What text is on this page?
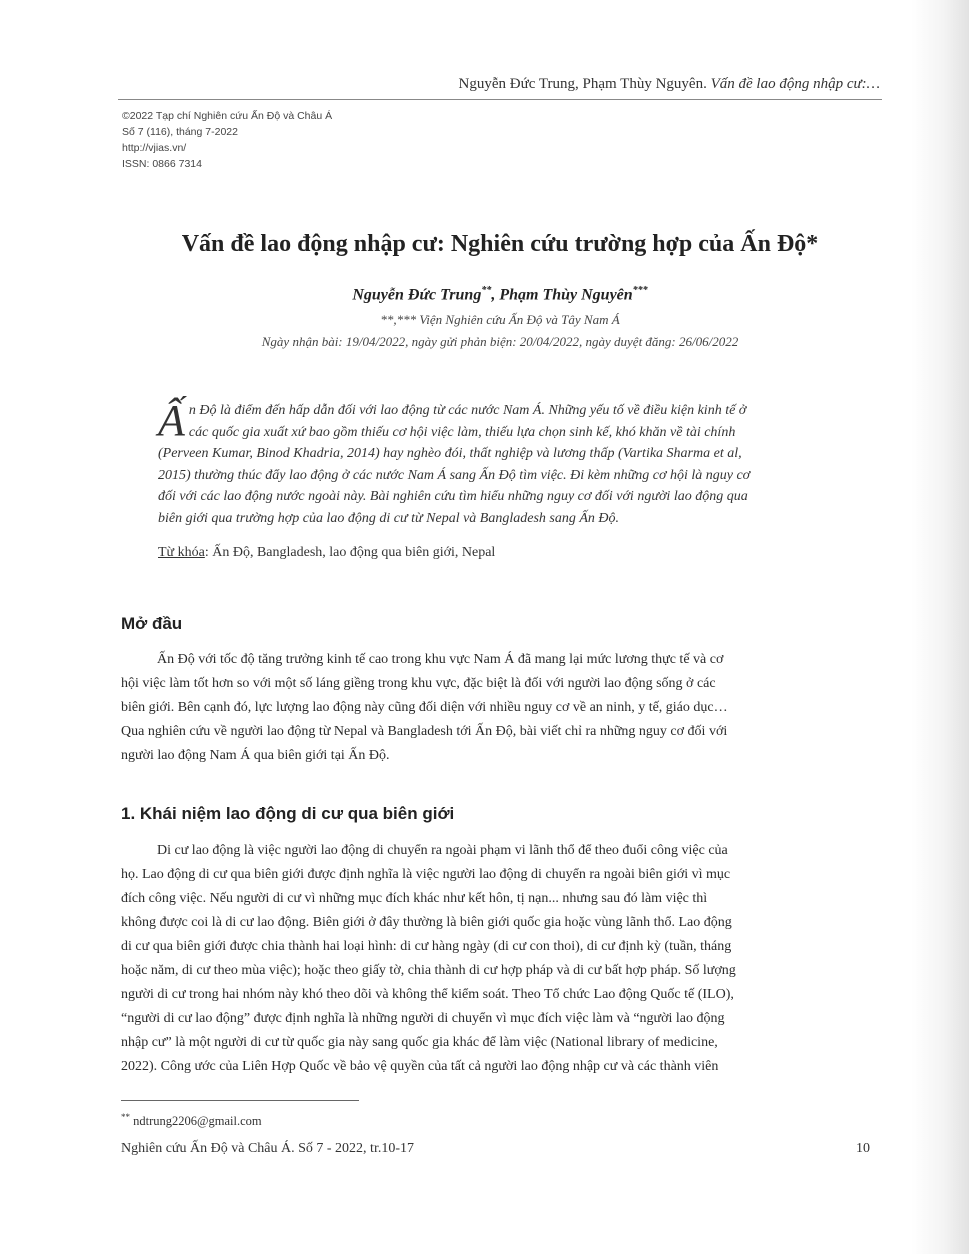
Nguyễn Đức Trung, Phạm Thùy Nguyên. Vấn đề lao động nhập cư:…
©2022 Tạp chí Nghiên cứu Ấn Độ và Châu Á
Số 7 (116), tháng 7-2022
http://vjias.vn/
ISSN: 0866 7314
Vấn đề lao động nhập cư: Nghiên cứu trường hợp của Ấn Độ*
Nguyễn Đức Trung**, Phạm Thùy Nguyên***
**,*** Viện Nghiên cứu Ấn Độ và Tây Nam Á
Ngày nhận bài: 19/04/2022, ngày gửi phản biện: 20/04/2022, ngày duyệt đăng: 26/06/2022
Ấ n Độ là điểm đến hấp dẫn đối với lao động từ các nước Nam Á. Những yếu tố về điều kiện kinh tế ở
các quốc gia xuất xứ bao gồm thiếu cơ hội việc làm, thiếu lựa chọn sinh kế, khó khăn về tài chính
(Perveen Kumar, Binod Khadria, 2014) hay nghèo đói, thất nghiệp và lương thấp (Vartika Sharma et al,
2015) thường thúc đẩy lao động ở các nước Nam Á sang Ấn Độ tìm việc. Đi kèm những cơ hội là nguy cơ
đối với các lao động nước ngoài này. Bài nghiên cứu tìm hiểu những nguy cơ đối với người lao động qua
biên giới qua trường hợp của lao động di cư từ Nepal và Bangladesh sang Ấn Độ.
Từ khóa: Ấn Độ, Bangladesh, lao động qua biên giới, Nepal
Mở đầu
Ấn Độ với tốc độ tăng trưởng kinh tế cao trong khu vực Nam Á đã mang lại mức lương thực tế và cơ
hội việc làm tốt hơn so với một số láng giềng trong khu vực, đặc biệt là đối với người lao động sống ở các
biên giới. Bên cạnh đó, lực lượng lao động này cũng đối diện với nhiều nguy cơ về an ninh, y tế, giáo dục…
Qua nghiên cứu về người lao động từ Nepal và Bangladesh tới Ấn Độ, bài viết chỉ ra những nguy cơ đối với
người lao động Nam Á qua biên giới tại Ấn Độ.
1. Khái niệm lao động di cư qua biên giới
Di cư lao động là việc người lao động di chuyển ra ngoài phạm vi lãnh thổ để theo đuổi công việc của
họ. Lao động di cư qua biên giới được định nghĩa là việc người lao động di chuyển ra ngoài biên giới vì mục
đích công việc. Nếu người di cư vì những mục đích khác như kết hôn, tị nạn... nhưng sau đó làm việc thì
không được coi là di cư lao động. Biên giới ở đây thường là biên giới quốc gia hoặc vùng lãnh thổ. Lao động
di cư qua biên giới được chia thành hai loại hình: di cư hàng ngày (di cư con thoi), di cư định kỳ (tuần, tháng
hoặc năm, di cư theo mùa việc); hoặc theo giấy tờ, chia thành di cư hợp pháp và di cư bất hợp pháp. Số lượng
người di cư trong hai nhóm này khó theo dõi và không thể kiểm soát. Theo Tổ chức Lao động Quốc tế (ILO),
“người di cư lao động” được định nghĩa là những người di chuyển vì mục đích việc làm và “người lao động
nhập cư” là một người di cư từ quốc gia này sang quốc gia khác để làm việc (National library of medicine,
2022). Công ước của Liên Hợp Quốc về bảo vệ quyền của tất cả người lao động nhập cư và các thành viên
** ndtrung2206@gmail.com
Nghiên cứu Ấn Độ và Châu Á. Số 7 - 2022, tr.10-17	10
